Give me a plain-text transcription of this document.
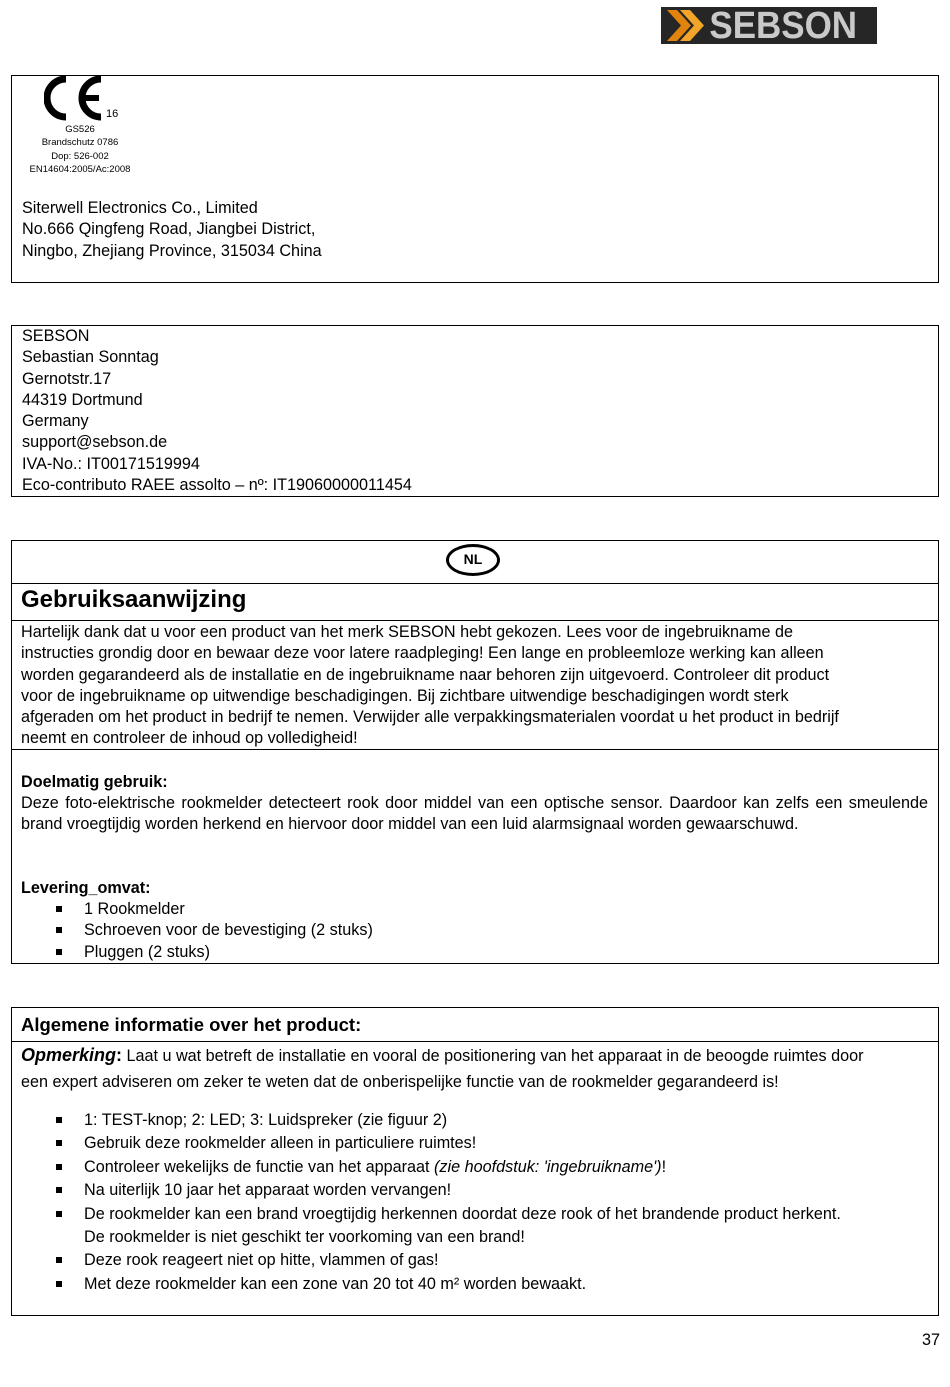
SEBSON
16
GS526
Brandschutz 0786
Dop: 526-002
EN14604:2005/Ac:2008
Siterwell Electronics Co., Limited
No.666 Qingfeng Road, Jiangbei District,
Ningbo, Zhejiang Province, 315034 China
SEBSON
Sebastian Sonntag
Gernotstr.17
44319 Dortmund
Germany
support@sebson.de
IVA-No.: IT00171519994
Eco-contributo RAEE assolto – nº: IT19060000011454
NL
Gebruiksaanwijzing
Hartelijk dank dat u voor een product van het merk SEBSON hebt gekozen. Lees voor de ingebruikname de
instructies grondig door en bewaar deze voor latere raadpleging! Een lange en probleemloze werking kan alleen
worden gegarandeerd als de installatie en de ingebruikname naar behoren zijn uitgevoerd. Controleer dit product
voor de ingebruikname op uitwendige beschadigingen. Bij zichtbare uitwendige beschadigingen wordt sterk
afgeraden om het product in bedrijf te nemen. Verwijder alle verpakkingsmaterialen voordat u het product in bedrijf
neemt en controleer de inhoud op volledigheid!
Doelmatig gebruik:
Deze foto-elektrische rookmelder detecteert rook door middel van een optische sensor. Daardoor kan zelfs een smeulende brand vroegtijdig worden herkend en hiervoor door middel van een luid alarmsignaal worden gewaarschuwd.
Levering_omvat:
1 Rookmelder
Schroeven voor de bevestiging (2 stuks)
Pluggen (2 stuks)
Algemene informatie over het product:
Opmerking: Laat u wat betreft de installatie en vooral de positionering van het apparaat in de beoogde ruimtes door
een expert adviseren om zeker te weten dat de onberispelijke functie van de rookmelder gegarandeerd is!
1: TEST-knop; 2: LED; 3: Luidspreker (zie figuur 2)
Gebruik deze rookmelder alleen in particuliere ruimtes!
Controleer wekelijks de functie van het apparaat (zie hoofdstuk: 'ingebruikname')!
Na uiterlijk 10 jaar het apparaat worden vervangen!
De rookmelder kan een brand vroegtijdig herkennen doordat deze rook of het brandende product herkent.
De rookmelder is niet geschikt ter voorkoming van een brand!
Deze rook reageert niet op hitte, vlammen of gas!
Met deze rookmelder kan een zone van 20 tot 40 m² worden bewaakt.
37
